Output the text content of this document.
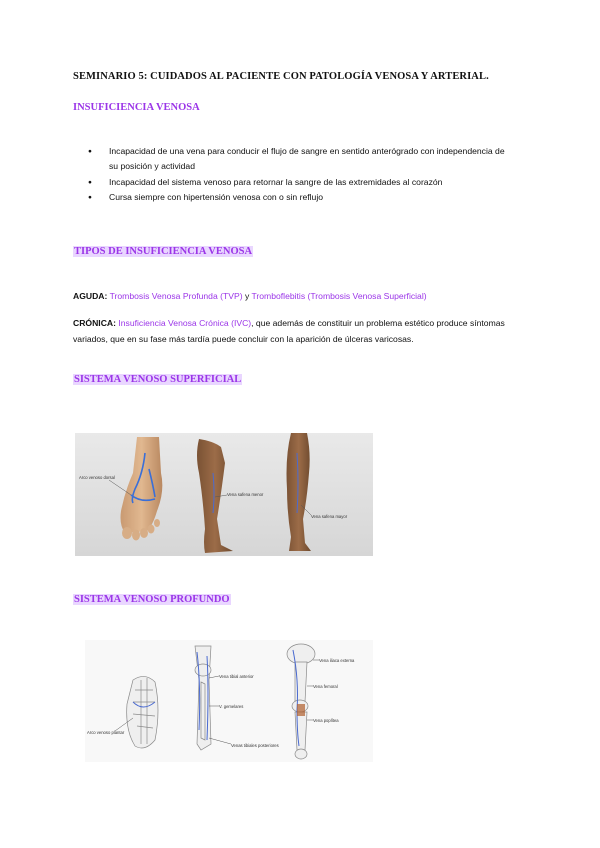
SEMINARIO 5: CUIDADOS AL PACIENTE CON PATOLOGÍA VENOSA Y ARTERIAL.
INSUFICIENCIA VENOSA
● Incapacidad de una vena para conducir el flujo de sangre en sentido anterógrado con independencia de su posición y actividad
● Incapacidad del sistema venoso para retornar la sangre de las extremidades al corazón
● Cursa siempre con hipertensión venosa con o sin reflujo
TIPOS DE INSUFICIENCIA VENOSA
AGUDA: Trombosis Venosa Profunda (TVP) y Tromboflebitis (Trombosis Venosa Superficial)
CRÓNICA: Insuficiencia Venosa Crónica (IVC), que además de constituir un problema estético produce síntomas variados, que en su fase más tardía puede concluir con la aparición de úlceras varicosas.
SISTEMA VENOSO SUPERFICIAL
Arco venoso dorsal
Vena safena menor
Vena safena mayor
SISTEMA VENOSO PROFUNDO
Arco venoso plantar
Vena tibial anterior
V. gemelares
Venas tibiales posteriores
Vena iliaca externa
Vena femoral
Vena poplítea
